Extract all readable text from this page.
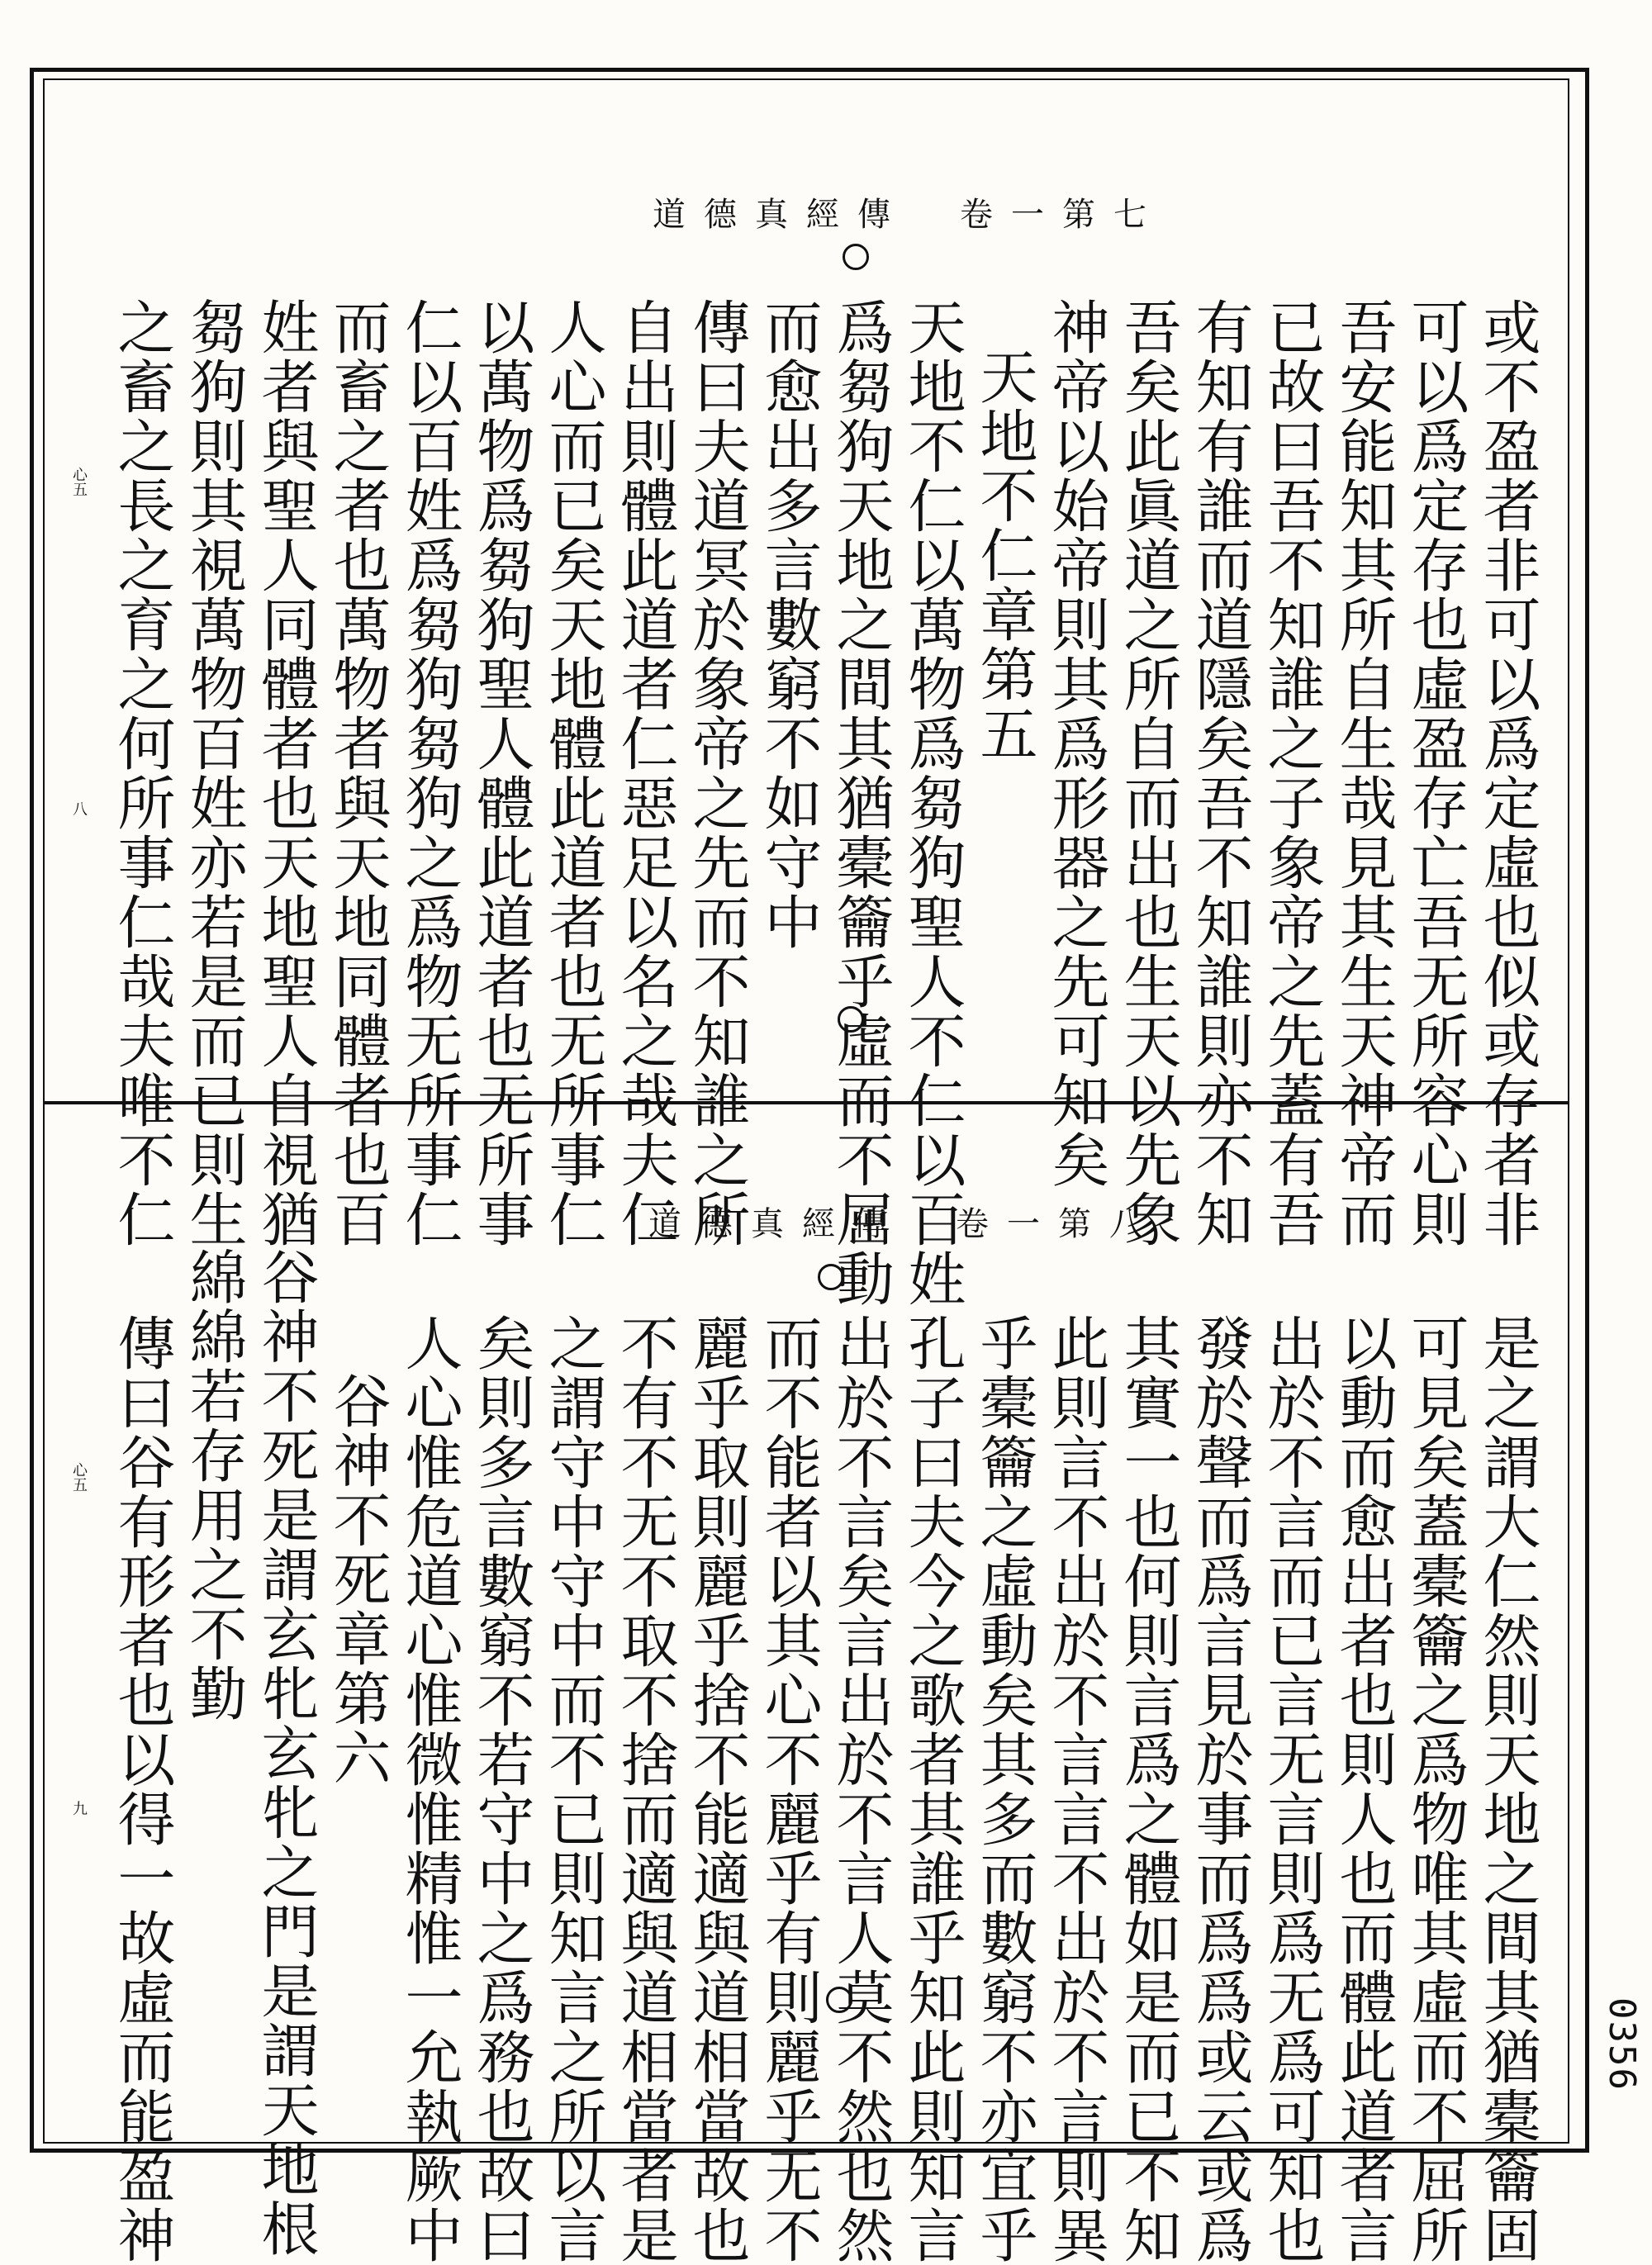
道德真經傳　卷一第七
或不盈者非可以爲定虛也似或存者非
可以爲定存也虛盈存亡吾无所容心則
吾安能知其所自生哉見其生天神帝而
已故曰吾不知誰之子象帝之先蓋有吾
有知有誰而道隱矣吾不知誰則亦不知
吾矣此眞道之所自而出也生天以先象
神帝以始帝則其爲形器之先可知矣
天地不仁章第五
天地不仁以萬物爲芻狗聖人不仁以百姓
爲芻狗天地之間其猶橐籥乎虛而不屈動
而愈出多言數窮不如守中
傳曰夫道冥於象帝之先而不知誰之所
自出則體此道者仁惡足以名之哉夫仁
人心而已矣天地體此道者也无所事仁
以萬物爲芻狗聖人體此道者也无所事
仁以百姓爲芻狗芻狗之爲物无所事仁
而畜之者也萬物者與天地同體者也百
姓者與聖人同體者也天地聖人自視猶
芻狗則其視萬物百姓亦若是而已則生
之畜之長之育之何所事仁哉夫唯不仁
心五
八
道德真經傳　卷一第八
是之謂大仁然則天地之間其猶橐籥固
可見矣蓋橐籥之爲物唯其虛而不屈所
以動而愈出者也則人也而體此道者言
出於不言而已言无言則爲无爲可知也
發於聲而爲言見於事而爲爲或云或爲
其實一也何則言爲之體如是而已不知
此則言不出於不言言不出於不言則異
乎橐籥之虛動矣其多而數窮不亦宜乎
孔子曰夫今之歌者其誰乎知此則知言
出於不言矣言出於不言人莫不然也然
而不能者以其心不麗乎有則麗乎无不
麗乎取則麗乎捨不能適與道相當故也
不有不无不取不捨而適與道相當者是
之謂守中守中而不已則知言之所以言
矣則多言數窮不若守中之爲務也故曰
人心惟危道心惟微惟精惟一允執厥中
谷神不死章第六
谷神不死是謂玄牝玄牝之門是謂天地根
綿綿若存用之不勤
傳曰谷有形者也以得一故虛而能盈神
心五
九
0356
